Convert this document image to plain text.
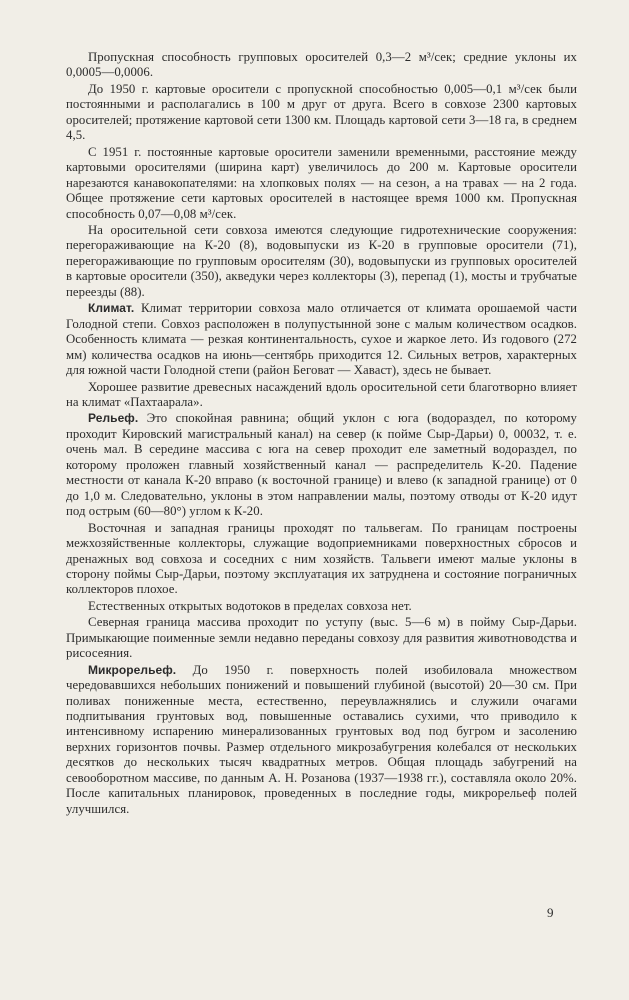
Пропускная способность групповых оросителей 0,3—2 м³/сек; средние уклоны их 0,0005—0,0006.

До 1950 г. картовые оросители с пропускной способностью 0,005—0,1 м³/сек были постоянными и располагались в 100 м друг от друга. Всего в совхозе 2300 картовых оросителей; протяжение картовой сети 1300 км. Площадь картовой сети 3—18 га, в среднем 4,5.

С 1951 г. постоянные картовые оросители заменили временными, расстояние между картовыми оросителями (ширина карт) увеличилось до 200 м. Картовые оросители нарезаются канавокопателями: на хлопковых полях — на сезон, а на травах — на 2 года. Общее протяжение сети картовых оросителей в настоящее время 1000 км. Пропускная способность 0,07—0,08 м³/сек.

На оросительной сети совхоза имеются следующие гидротехнические сооружения: перегораживающие на К-20 (8), водовыпуски из К-20 в групповые оросители (71), перегораживающие по групповым оросителям (30), водовыпуски из групповых оросителей в картовые оросители (350), акведуки через коллекторы (3), перепад (1), мосты и трубчатые переезды (88).

Климат. Климат территории совхоза мало отличается от климата орошаемой части Голодной степи. Совхоз расположен в полупустынной зоне с малым количеством осадков. Особенность климата — резкая континентальность, сухое и жаркое лето. Из годового (272 мм) количества осадков на июнь—сентябрь приходится 12. Сильных ветров, характерных для южной части Голодной степи (район Беговат — Хаваст), здесь не бывает.

Хорошее развитие древесных насаждений вдоль оросительной сети благотворно влияет на климат «Пахтаарала».

Рельеф. Это спокойная равнина; общий уклон с юга (водораздел, по которому проходит Кировский магистральный канал) на север (к пойме Сыр-Дарьи) 0, 00032, т. е. очень мал. В середине массива с юга на север проходит еле заметный водораздел, по которому проложен главный хозяйственный канал — распределитель К-20. Падение местности от канала К-20 вправо (к восточной границе) и влево (к западной границе) от 0 до 1,0 м. Следовательно, уклоны в этом направлении малы, поэтому отводы от К-20 идут под острым (60—80°) углом к К-20.

Восточная и западная границы проходят по тальвегам. По границам построены межхозяйственные коллекторы, служащие водоприемниками поверхностных сбросов и дренажных вод совхоза и соседних с ним хозяйств. Тальвеги имеют малые уклоны в сторону поймы Сыр-Дарьи, поэтому эксплуатация их затруднена и состояние пограничных коллекторов плохое.

Естественных открытых водотоков в пределах совхоза нет.

Северная граница массива проходит по уступу (выс. 5—6 м) в пойму Сыр-Дарьи. Примыкающие поименные земли недавно переданы совхозу для развития животноводства и рисосеяния.

Микрорельеф. До 1950 г. поверхность полей изобиловала множеством чередовавшихся небольших понижений и повышений глубиной (высотой) 20—30 см. При поливах пониженные места, естественно, переувлажнялись и служили очагами подпитывания грунтовых вод, повышенные оставались сухими, что приводило к интенсивному испарению минерализованных грунтовых вод под бугром и засолению верхних горизонтов почвы. Размер отдельного микрозабугрения колебался от нескольких десятков до нескольких тысяч квадратных метров. Общая площадь забугрений на севооборотном массиве, по данным А. Н. Розанова (1937—1938 гг.), составляла около 20%. После капитальных планировок, проведенных в последние годы, микрорельеф полей улучшился.

9
